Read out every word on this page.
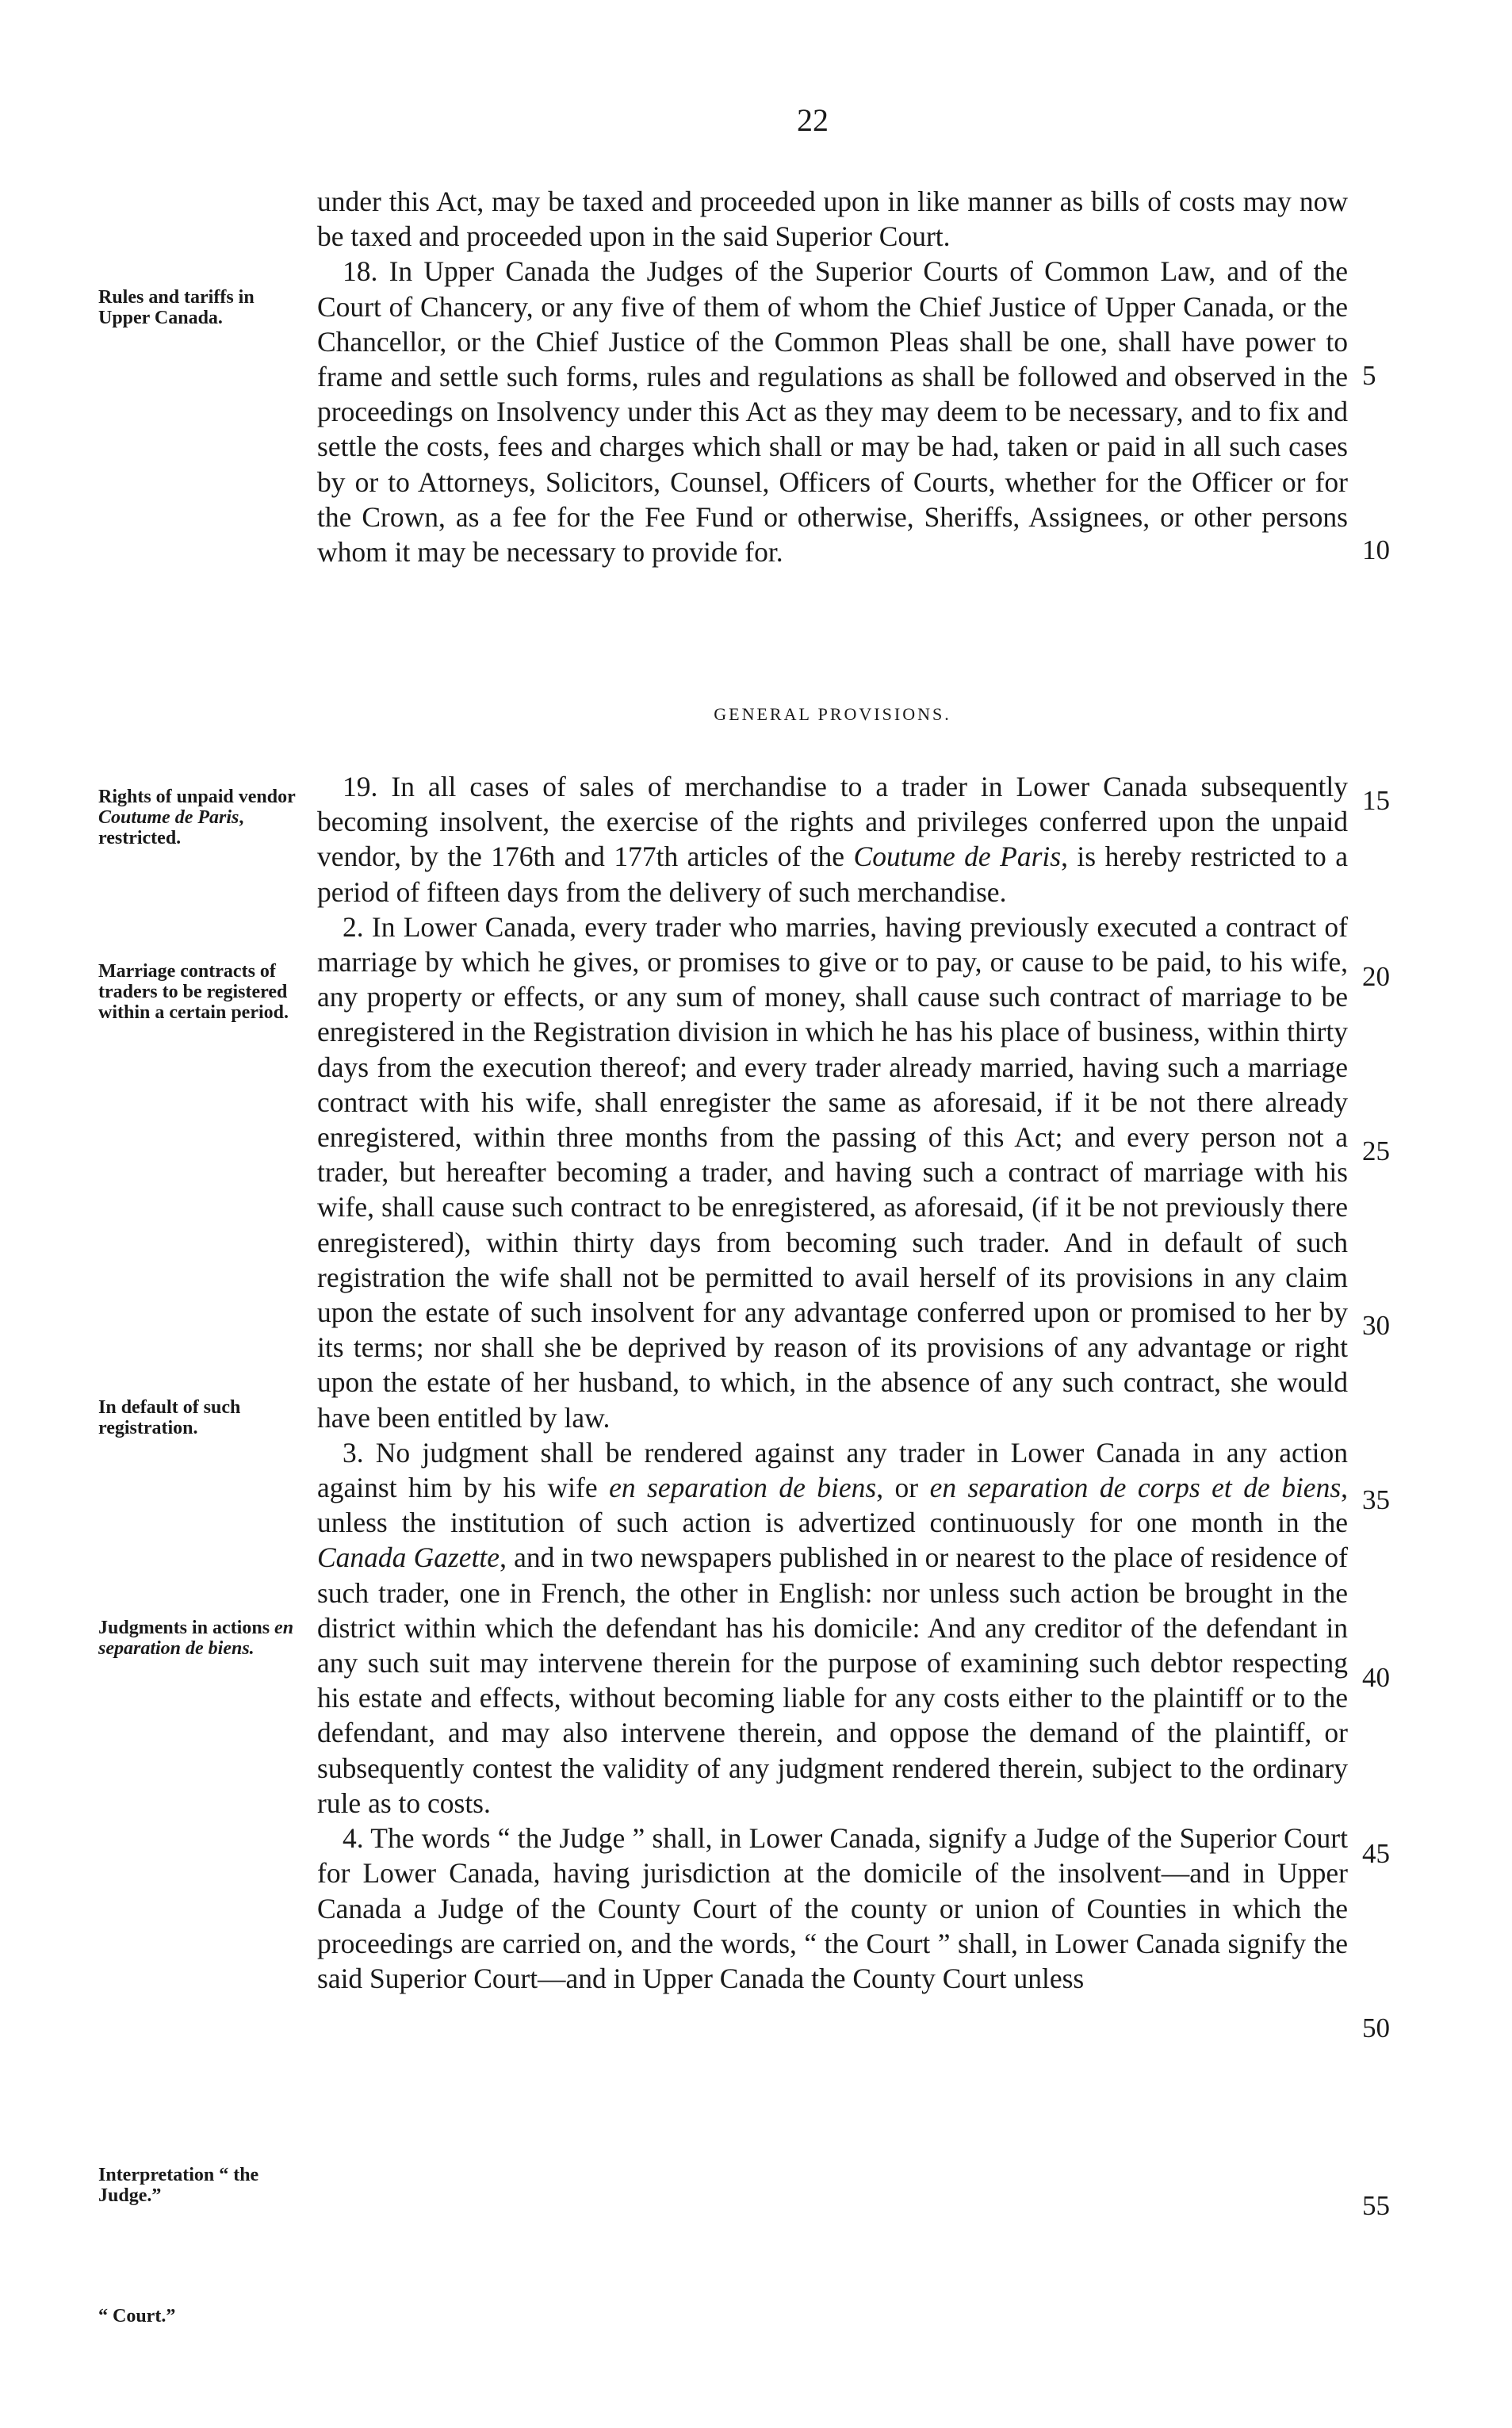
22

under this Act, may be taxed and proceeded upon in like manner as bills of costs may now be taxed and proceeded upon in the said Superior Court.

18. In Upper Canada the Judges of the Superior Courts of Common Law, and of the Court of Chancery, or any five of them of whom the Chief Justice of Upper Canada, or the Chancellor, or the Chief Justice of the Common Pleas shall be one, shall have power to frame and settle such forms, rules and regulations as shall be followed and observed in the proceedings on Insolvency under this Act as they may deem to be necessary, and to fix and settle the costs, fees and charges which shall or may be had, taken or paid in all such cases by or to Attorneys, Solicitors, Counsel, Officers of Courts, whether for the Officer or for the Crown, as a fee for the Fee Fund or otherwise, Sheriffs, Assignees, or other persons whom it may be necessary to provide for.

GENERAL PROVISIONS.

19. In all cases of sales of merchandise to a trader in Lower Canada subsequently becoming insolvent, the exercise of the rights and privileges conferred upon the unpaid vendor, by the 176th and 177th articles of the Coutume de Paris, is hereby restricted to a period of fifteen days from the delivery of such merchandise.

2. In Lower Canada, every trader who marries, having previously executed a contract of marriage by which he gives, or promises to give or to pay, or cause to be paid, to his wife, any property or effects, or any sum of money, shall cause such contract of marriage to be enregistered in the Registration division in which he has his place of business, within thirty days from the execution thereof; and every trader already married, having such a marriage contract with his wife, shall enregister the same as aforesaid, if it be not there already enregistered, within three months from the passing of this Act; and every person not a trader, but hereafter becoming a trader, and having such a contract of marriage with his wife, shall cause such contract to be enregistered, as aforesaid, (if it be not previously there enregistered), within thirty days from becoming such trader. And in default of such registration the wife shall not be permitted to avail herself of its provisions in any claim upon the estate of such insolvent for any advantage conferred upon or promised to her by its terms; nor shall she be deprived by reason of its provisions of any advantage or right upon the estate of her husband, to which, in the absence of any such contract, she would have been entitled by law.

3. No judgment shall be rendered against any trader in Lower Canada in any action against him by his wife en separation de biens, or en separation de corps et de biens, unless the institution of such action is advertized continuously for one month in the Canada Gazette, and in two newspapers published in or nearest to the place of residence of such trader, one in French, the other in English: nor unless such action be brought in the district within which the defendant has his domicile: And any creditor of the defendant in any such suit may intervene therein for the purpose of examining such debtor respecting his estate and effects, without becoming liable for any costs either to the plaintiff or to the defendant, and may also intervene therein, and oppose the demand of the plaintiff, or subsequently contest the validity of any judgment rendered therein, subject to the ordinary rule as to costs.

4. The words “ the Judge ” shall, in Lower Canada, signify a Judge of the Superior Court for Lower Canada, having jurisdiction at the domicile of the insolvent—and in Upper Canada a Judge of the County Court of the county or union of Counties in which the proceedings are carried on, and the words, “ the Court ” shall, in Lower Canada signify the said Superior Court—and in Upper Canada the County Court unless

Rules and tariffs in Upper Canada.
Rights of unpaid vendor Coutume de Paris, restricted.
Marriage contracts of traders to be registered within a certain period.
In default of such registration.
Judgments in actions en separation de biens.
Interpretation “ the Judge.”
“ Court.”
5
10
15
20
25
30
35
40
45
50
55
